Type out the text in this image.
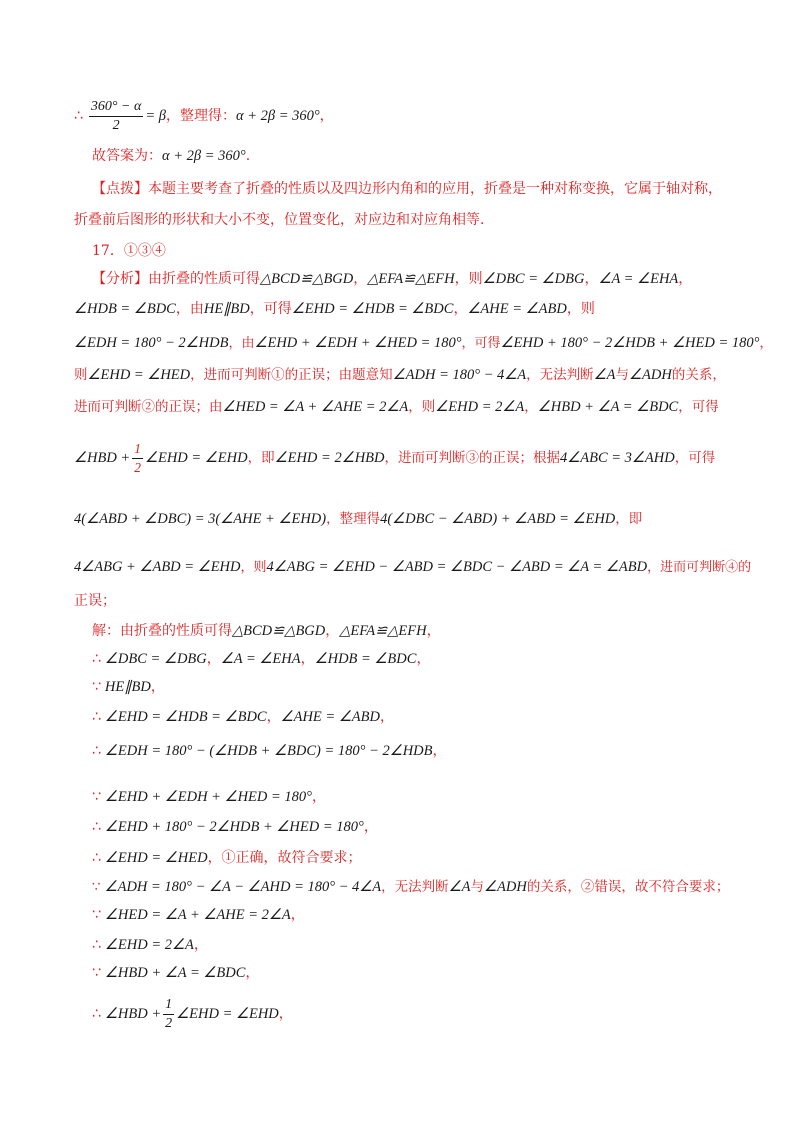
∴ $\frac{360^\circ - \alpha}{2} = \beta$，整理得：α + 2β = 360°，
故答案为：α + 2β = 360°.
【点拨】本题主要考查了折叠的性质以及四边形内角和的应用，折叠是一种对称变换，它属于轴对称，
折叠前后图形的形状和大小不变，位置变化，对应边和对应角相等.
17．①③④
【分析】由折叠的性质可得△BCD≌△BGD，△EFA≌△EFH，则∠DBC = ∠DBG，∠A = ∠EHA，
∠HDB = ∠BDC，由HE∥BD，可得∠EHD = ∠HDB = ∠BDC，∠AHE = ∠ABD，则
∠EDH = 180° − 2∠HDB，由∠EHD + ∠EDH + ∠HED = 180°，可得∠EHD + 180° − 2∠HDB + ∠HED = 180°，
则∠EHD = ∠HED，进而可判断①的正误；由题意知∠ADH = 180° − 4∠A，无法判断∠A与∠ADH的关系，
进而可判断②的正误；由∠HED = ∠A + ∠AHE = 2∠A，则∠EHD = 2∠A，∠HBD + ∠A = ∠BDC，可得
∠HBD + $\frac{1}{2}$ ∠EHD = ∠EHD，即∠EHD = 2∠HBD，进而可判断③的正误；根据4∠ABC = 3∠AHD，可得
4(∠ABD + ∠DBC) = 3(∠AHE + ∠EHD)，整理得4(∠DBC − ∠ABD) + ∠ABD = ∠EHD，即
4∠ABG + ∠ABD = ∠EHD，则4∠ABG = ∠EHD − ∠ABD = ∠BDC − ∠ABD = ∠A = ∠ABD，进而可判断④的
正误；
解：由折叠的性质可得△BCD≌△BGD，△EFA≌△EFH，
∴ ∠DBC = ∠DBG，∠A = ∠EHA，∠HDB = ∠BDC，
∵ HE∥BD，
∴ ∠EHD = ∠HDB = ∠BDC，∠AHE = ∠ABD，
∴ ∠EDH = 180° − (∠HDB + ∠BDC) = 180° − 2∠HDB，
∵ ∠EHD + ∠EDH + ∠HED = 180°，
∴ ∠EHD + 180° − 2∠HDB + ∠HED = 180°，
∴ ∠EHD = ∠HED，①正确，故符合要求；
∵ ∠ADH = 180° − ∠A − ∠AHD = 180° − 4∠A，无法判断∠A与∠ADH的关系，②错误，故不符合要求；
∵ ∠HED = ∠A + ∠AHE = 2∠A，
∴ ∠EHD = 2∠A，
∵ ∠HBD + ∠A = ∠BDC，
∴ ∠HBD + $\frac{1}{2}$ ∠EHD = ∠EHD，
